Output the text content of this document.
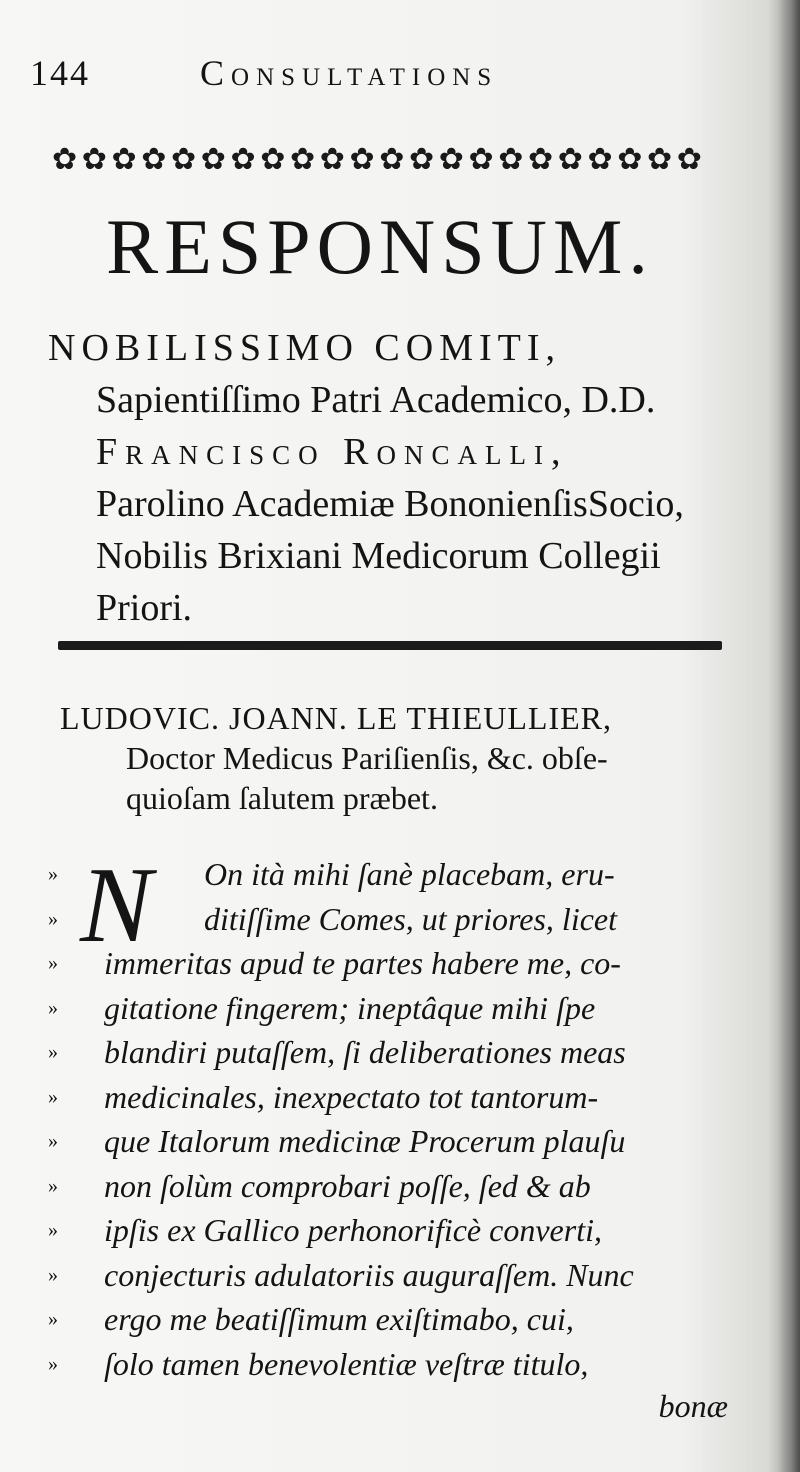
144	Consultations
✿ ✿ ✿ ✿ ✿ ✿ ✿ ✿ ✿ ✿ ✿ ✿ ✿ ✿ ✿ ✿ ✿ ✿ ✿ ✿ ✿ ✿
RESPONSUM.
NOBILISSIMO COMITI,
Sapientiſſimo Patri Academico, D.D.
Francisco Roncalli,
Parolino Academiæ BononienſisSocio,
Nobilis Brixiani Medicorum Collegii
Priori.
LUDOVIC. JOANN. LE THIEULLIER,
Doctor Medicus Pariſienſis, &c. obſe-
quioſam ſalutem præbet.
N
»	On ità mihi ſanè placebam, eru-
»	ditiſſime Comes, ut priores, licet
» immeritas apud te partes habere me, co-
» gitatione fingerem; ineptâque mihi ſpe
» blandiri putaſſem, ſi deliberationes meas
» medicinales, inexpectato tot tantorum-
» que Italorum medicinæ Procerum plauſu
» non ſolùm comprobari poſſe, ſed & ab
» ipſis ex Gallico perhonorificè converti,
» conjecturis adulatoriis auguraſſem. Nunc
» ergo me beatiſſimum exiſtimabo, cui,
» ſolo tamen benevolentiæ veſtræ titulo,
bonæ
